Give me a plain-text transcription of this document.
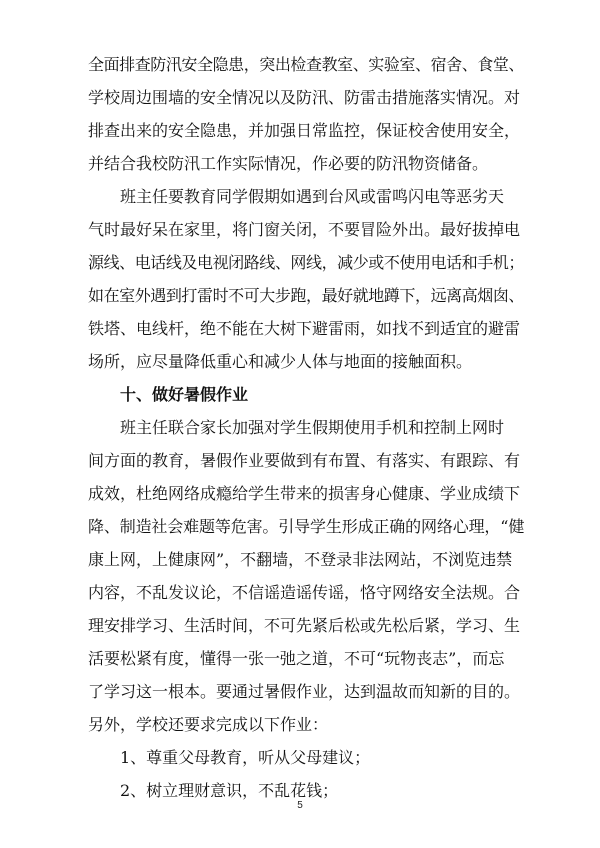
全面排查防汛安全隐患，突出检查教室、实验室、宿舍、食堂、
学校周边围墙的安全情况以及防汛、防雷击措施落实情况。对
排查出来的安全隐患，并加强日常监控，保证校舍使用安全，
并结合我校防汛工作实际情况，作必要的防汛物资储备。
　　班主任要教育同学假期如遇到台风或雷鸣闪电等恶劣天
气时最好呆在家里，将门窗关闭，不要冒险外出。最好拔掉电
源线、电话线及电视闭路线、网线，减少或不使用电话和手机；
如在室外遇到打雷时不可大步跑，最好就地蹲下，远离高烟囱、
铁塔、电线杆，绝不能在大树下避雷雨，如找不到适宜的避雷
场所，应尽量降低重心和减少人体与地面的接触面积。
　　十、做好暑假作业
　　班主任联合家长加强对学生假期使用手机和控制上网时
间方面的教育，暑假作业要做到有布置、有落实、有跟踪、有
成效，杜绝网络成瘾给学生带来的损害身心健康、学业成绩下
降、制造社会难题等危害。引导学生形成正确的网络心理，“健
康上网，上健康网”，不翻墙，不登录非法网站，不浏览违禁
内容，不乱发议论，不信谣造谣传谣，恪守网络安全法规。合
理安排学习、生活时间，不可先紧后松或先松后紧，学习、生
活要松紧有度，懂得一张一弛之道，不可“玩物丧志”，而忘
了学习这一根本。要通过暑假作业，达到温故而知新的目的。
另外，学校还要求完成以下作业：
　　1、尊重父母教育，听从父母建议；
　　2、树立理财意识，不乱花钱；
5
